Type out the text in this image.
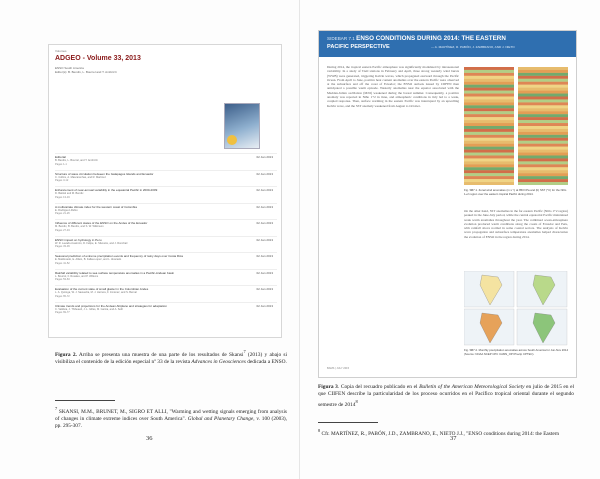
Volumes
ADGEO - Volume 33, 2013
ENSO South America
Editor(s): B. Bendix, L. Bourrel and T. Ambrizzi
Editorial
B. Bendix, L. Bourrel, and T. Ambrizzi
Pages 1-1
02 Jan 2013
Structure of wave circulation between the Galapagos Islands and Ecuador
C. Collins, A. Mascarenhas, and R. Martinez
Pages 3-12
02 Jan 2013
Enhancement of near-annual variability in the equatorial Pacific in 2000-2009
D. Battisti and M. Bendix
Pages 13-19
02 Jan 2013
A multivariate climate index for the western coast of Colombia
E. Rodriguez-Rubio
Pages 21-26
02 Jan 2013
Influence of different states of the ENSO on the Andes of the Ecuador
M. Bendix, B. Bendix, and S. W. Wilkinson
Pages 27-34
02 Jan 2013
ENSO impact on hydrology in Peru
W. R. Lavado-Casimiro, D. Felipe, E. Silvestre, and J. Ronchail
Pages 33-39
02 Jan 2013
Seasonal prediction of extreme precipitation events and frequency of rainy days over Costa Rica
E. Maldonado, E. Alfaro, B. Fallas-Lopez, and L. Alvarado
Pages 41-52
02 Jan 2013
Rainfall variability related to sea surface temperature anomalies in a Pacific-Andean basin
L. Bourrel, F. Rosales, and P. Willems
Pages 53-63
02 Jan 2013
Evaluation of the current state of small glacier in the Colombian Andes
L. A. Quiroga, W. J. Saavedra, M. J. Herrera, F. Jiménez, and S. Bernal
Pages 65-72
02 Jan 2013
Climate trends and projections for the Andean Altiplano and strategies for adaptation
C. Valdivia, J. Thibeault, J. L. Gilles, M. Garcia, and A. Seth
Pages 69-77
02 Jan 2013
Figura 2. Arriba se presenta una muestra de una parte de los resultados de Skansi$^7$ (2013) y abajo si visibiliza el contenido de la edición especial nº 33 de la revista Advances in Geosciences dedicada a ENSO.
$^7$ SKANSI, M.M., BRUNET, M., SIGRO ET ALLI, "Warming and wetting signals emerging from analysis of changes in climate extreme indices over South America". Global and Planetary Change, v. 100 (2003), pp. 295-307.
36
SIDEBAR 7.1 ENSO CONDITIONS DURING 2014: THE EASTERN
PACIFIC PERSPECTIVE	— A. MARTÍNEZ, R. PABÓN, J. ZAMBRANO, AND J. NIETO
During 2014, the tropical eastern Pacific atmosphere was significantly modulated by intraseasonal variability. In a study of TAO stations in February and April, three strong westerly wind bursts (WWB) were generated, triggering Kelvin waves, which propagated eastward through the Pacific Ocean. From April to June, positive heat content anomalies over the eastern Pacific were observed at the subsurface and off the coast of Ecuador; the ENSO outlook issued by CIIFEN then anticipated a possible warm episode. Westerly anomalies near the equator associated with the Madden-Julian oscillation (MJO) weakened during the boreal summer. Consequently, a positive anomaly was reported in Niño 1+2 in June, and atmospheric conditions in July led to a weak, coupled response. Then, surface warming in the eastern Pacific was interrupted by an upwelling Kelvin wave, and the SST anomaly weakened from August to October.
Fig. SB7.1. Zonal wind anomalies (m s⁻¹) at 850 hPa and (b) SST (°C) for the Niño 1+2 region over the eastern tropical Pacific during 2014.
On the other hand, SST anomalies in the far eastern Pacific (Niño 1+2 region) peaked in the June-July period, while the central equatorial Pacific maintained weak warm anomalies throughout the year. The combined ocean-atmosphere evolution produced warm conditions along the coasts of Ecuador and Peru, with rainfall above normal in some coastal sectors. The analysis of Kelvin wave propagation and subsurface temperature anomalies helped characterize the evolution of ENSO in the region during 2014.
Fig. SB7.2. Monthly precipitation anomalies across South America for Jun-Nov 2014 (Source: NOAA NCEP CPC CAMS_OPI Precip CPTEC).
BAMS | JULY 2015
Figura 3. Copia del recuadro publicado en el Bulletin of the American Meteorological Society en julio de 2015 en el que CIIFEN describe la particularidad de los proceso ocurridos en el Pacífico tropical oriental durante el segundo semestre de 2014$^8$
$^8$ Cfr. MARTÍNEZ, R., PABÓN, J.D., ZAMBRANO, E., NIETO J.J., "ENSO conditions during 2014: the Eastern
37
